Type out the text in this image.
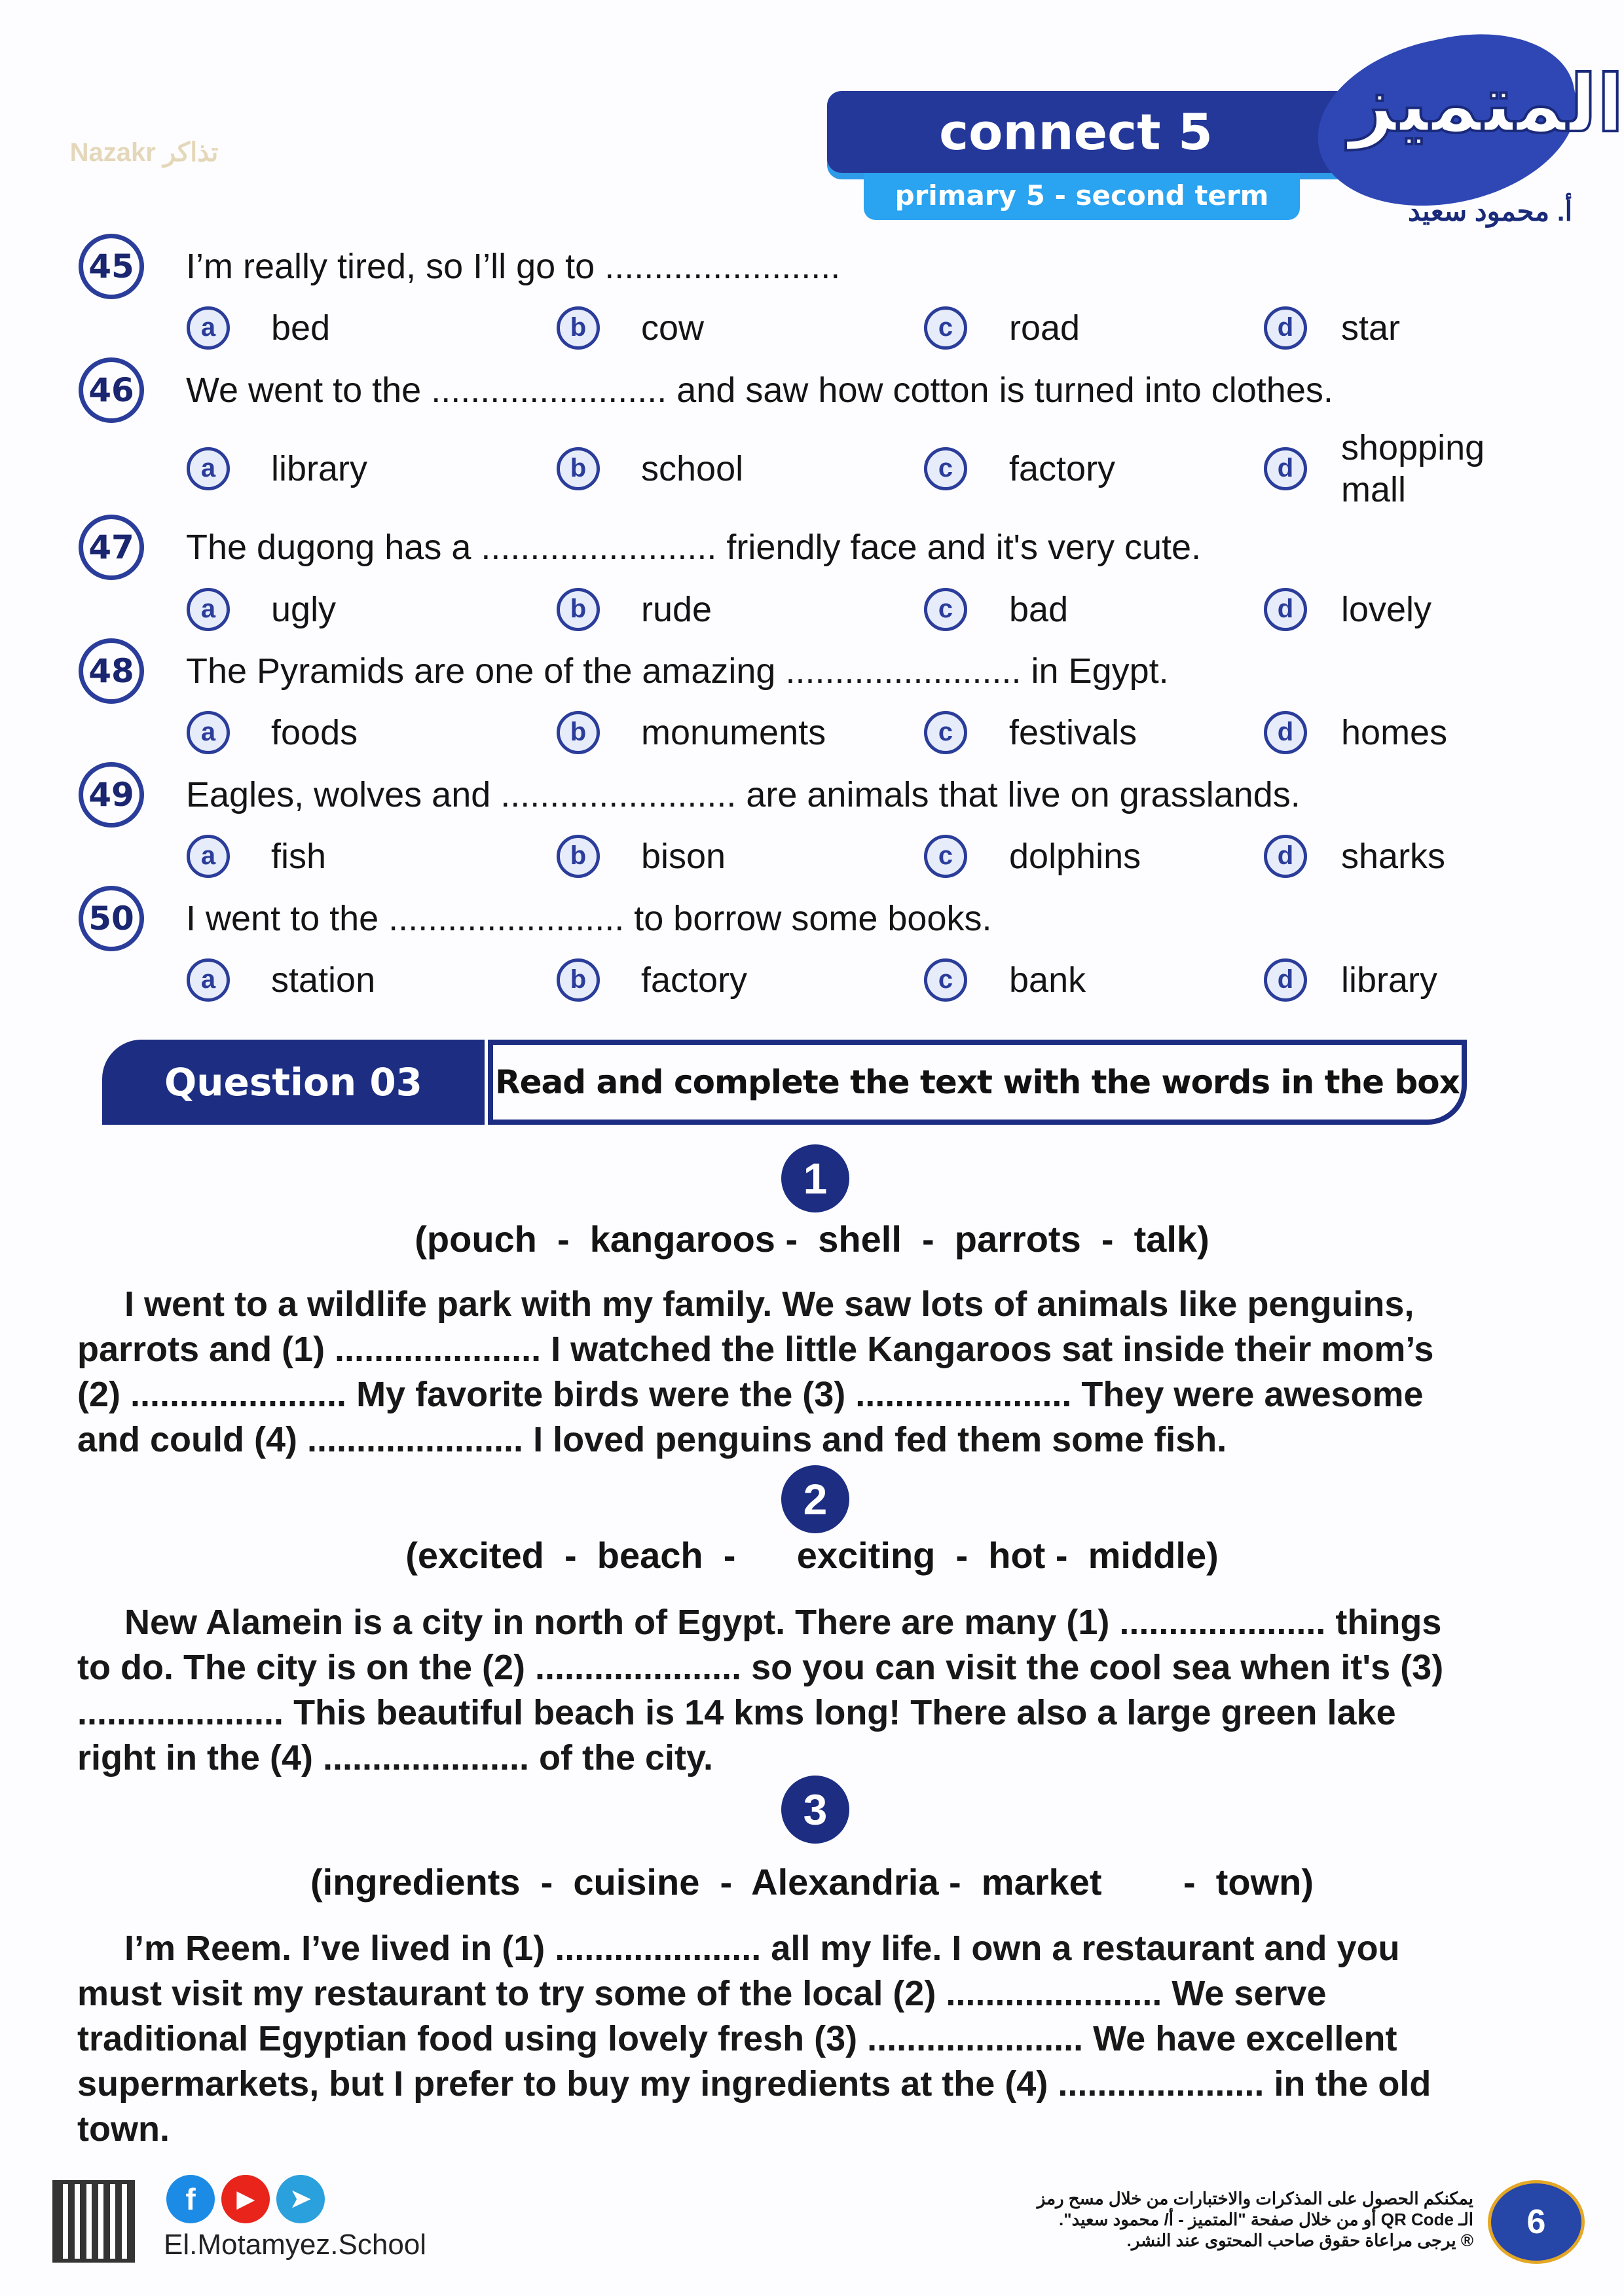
Nazakr تذاكر	connect 5
primary 5 - second term
المتميز
أ. محمود سعيد
45 I’m really tired, so I’ll go to ........................
a	bed	b	cow	c	road	d	star
46 We went to the ........................ and saw how cotton is turned into clothes.
a	library	b	school	c	factory	d
shopping mall
47 The dugong has a ........................ friendly face and it's very cute.
a	ugly	b	rude	c	bad	d	lovely
48 The Pyramids are one of the amazing ........................ in Egypt.
a	foods	b	monuments	c	festivals	d	homes
49 Eagles, wolves and ........................ are animals that live on grasslands.
a	fish	b	bison	c	dolphins	d	sharks
50 I went to the ........................ to borrow some books.
a	station	b	factory	c	bank	d	library
Question 03	Read and complete the text with the words in the box
1
(pouch  -  kangaroos -  shell  -  parrots  -  talk)
I went to a wildlife park with my family. We saw lots of animals like penguins,
parrots and (1) ..................... I watched the little Kangaroos sat inside their mom’s
(2) ...................... My favorite birds were the (3) ...................... They were awesome
and could (4) ...................... I loved penguins and fed them some fish.
2
(excited  -  beach  -      exciting  -  hot -  middle)
New Alamein is a city in north of Egypt. There are many (1) ..................... things
to do. The city is on the (2) ..................... so you can visit the cool sea when it's (3)
..................... This beautiful beach is 14 kms long! There also a large green lake
right in the (4) ..................... of the city.
3
(ingredients  -  cuisine  -  Alexandria -  market        -  town)
I’m Reem. I’ve lived in (1) ..................... all my life. I own a restaurant and you
must visit my restaurant to try some of the local (2) ...................... We serve
traditional Egyptian food using lovely fresh (3) ...................... We have excellent
supermarkets, but I prefer to buy my ingredients at the (4) ..................... in the old
town.
f	▶	➤
El.Motamyez.School
يمكنكم الحصول على المذكرات والاختبارات من خلال مسح رمز
الـ QR Code أو من خلال صفحة "المتميز - أ/ محمود سعيد".
® يرجى مراعاة حقوق صاحب المحتوى عند النشر.	6
